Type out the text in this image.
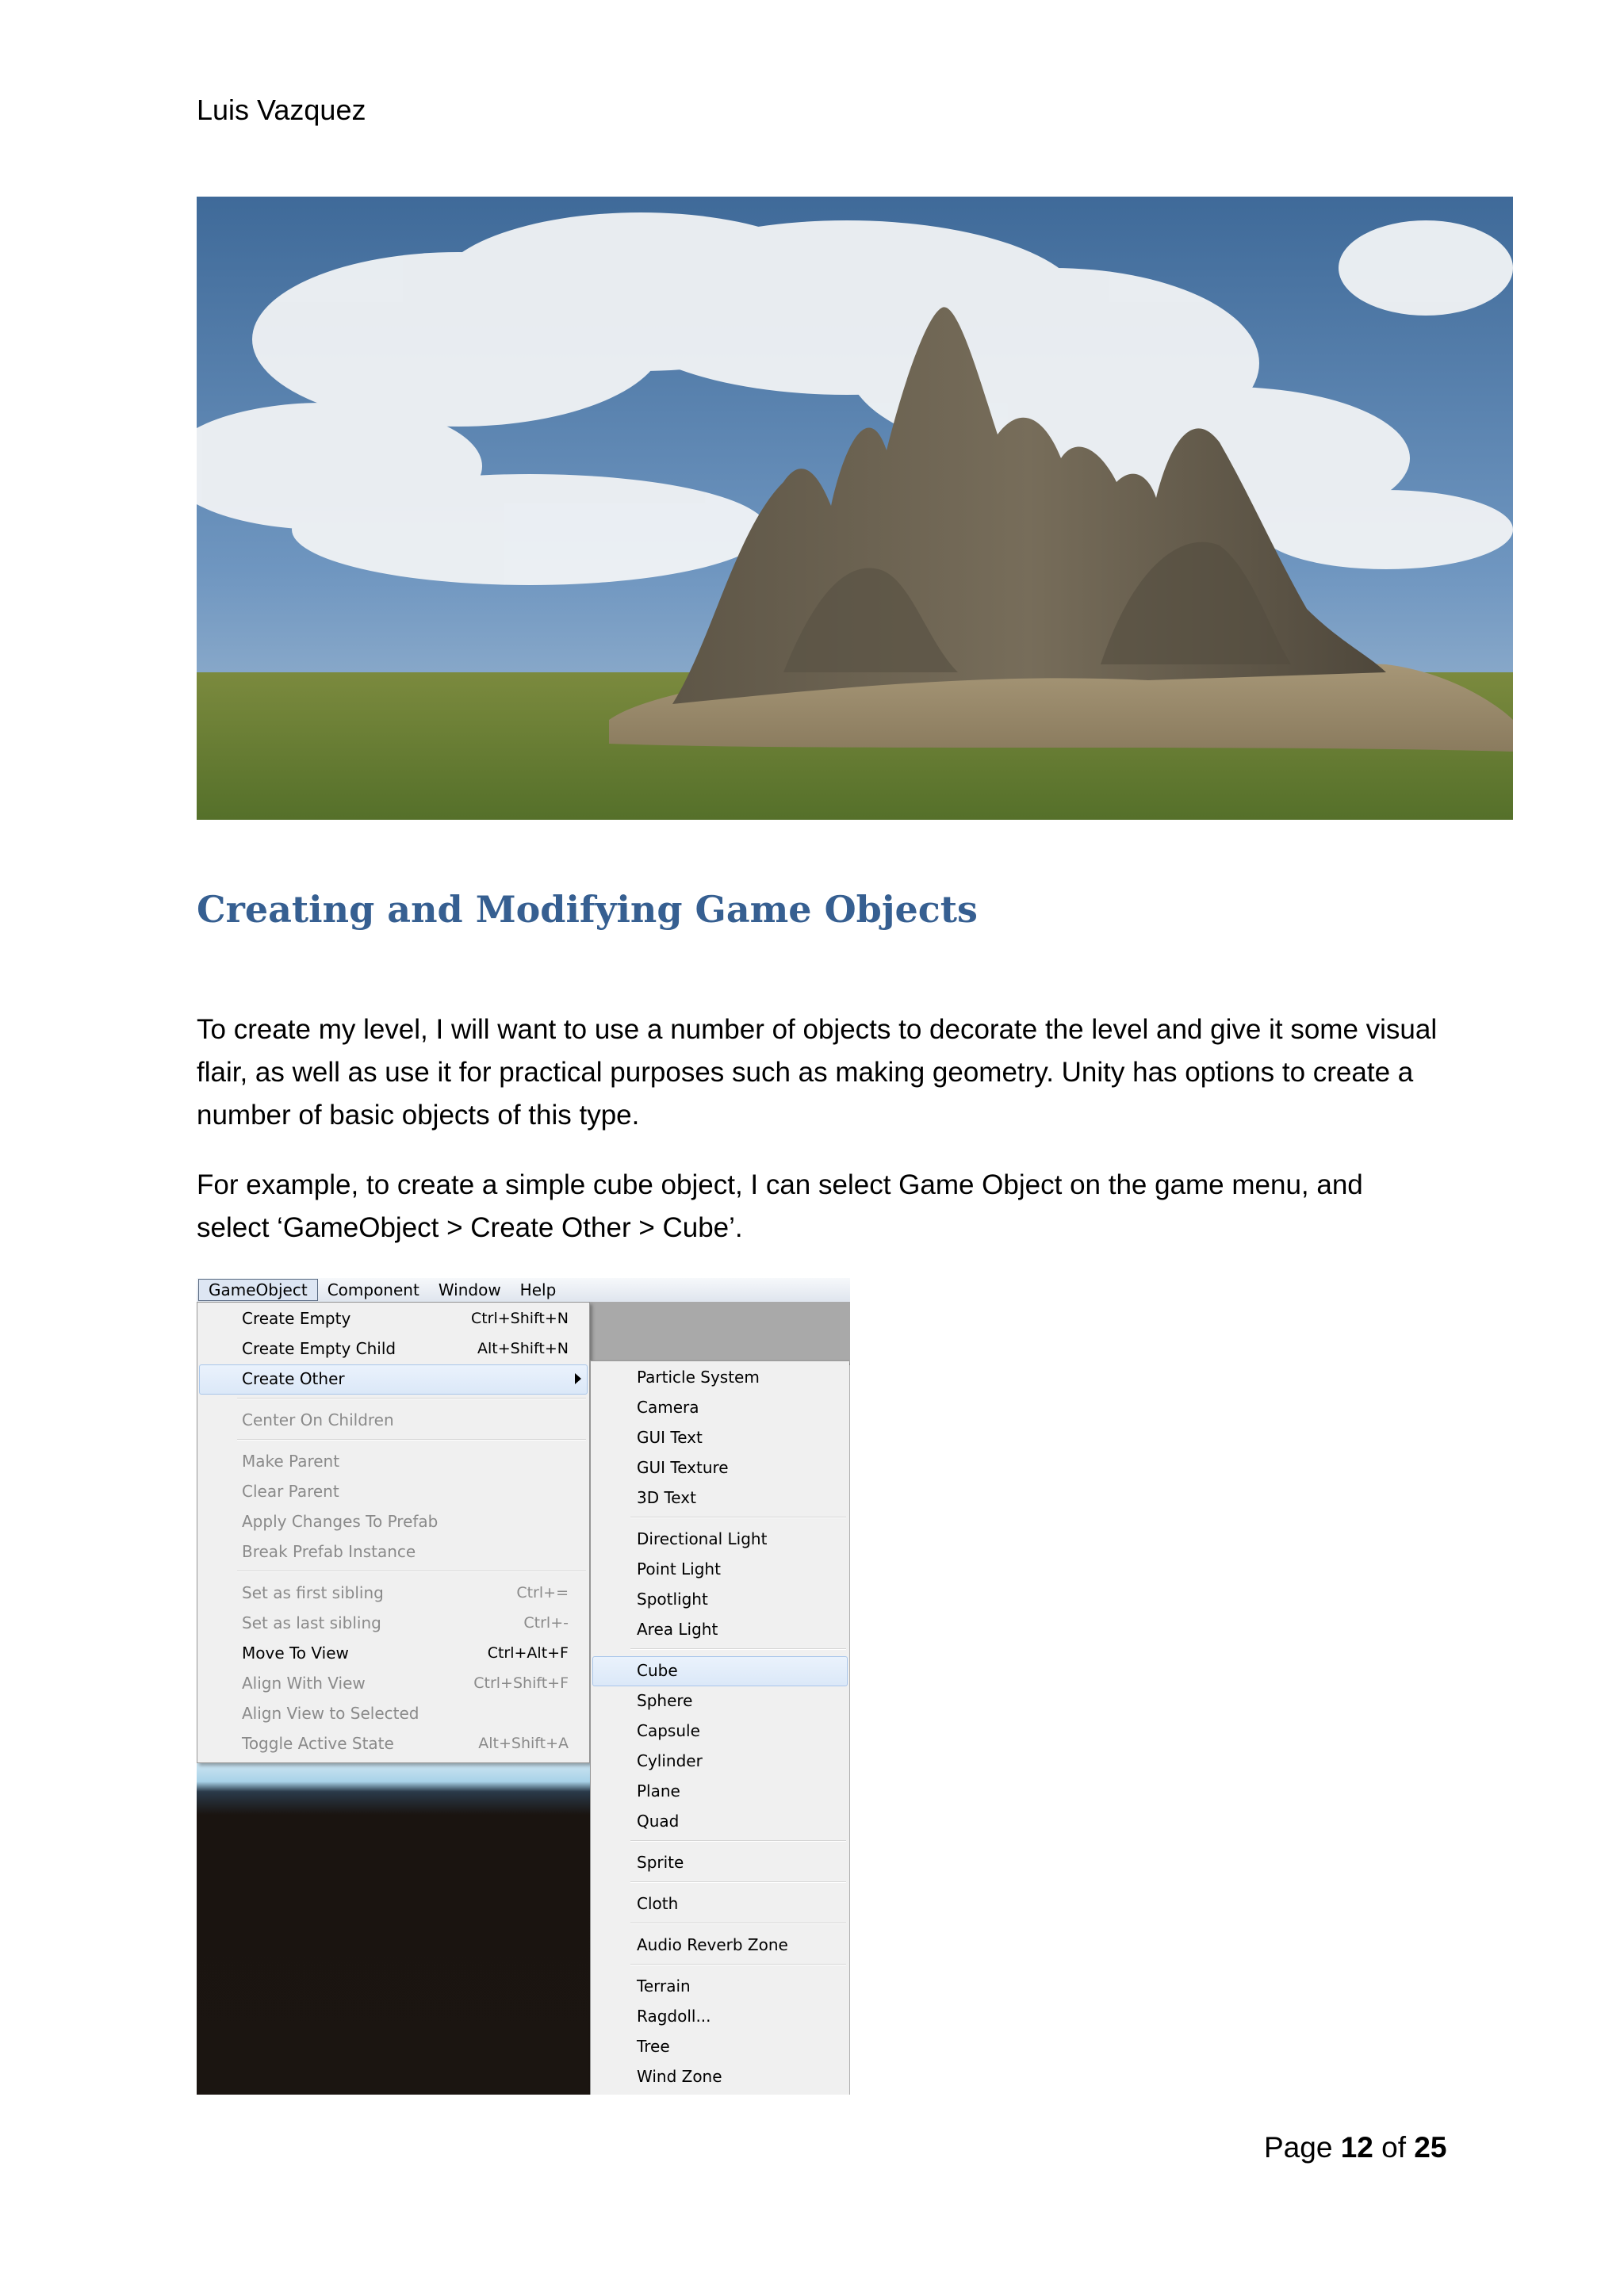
Luis Vazquez
Creating and Modifying Game Objects

To create my level, I will want to use a number of objects to decorate the level and give it some visual flair, as well as use it for practical purposes such as making geometry. Unity has options to create a number of basic objects of this type.

For example, to create a simple cube object, I can select Game Object on the game menu, and select ‘GameObject > Create Other > Cube’.

GameObject	Component	Window	Help
Create Empty	Ctrl+Shift+N
Create Empty Child	Alt+Shift+N
Create Other
Center On Children
Make Parent
Clear Parent
Apply Changes To Prefab
Break Prefab Instance
Set as first sibling	Ctrl+=
Set as last sibling	Ctrl+-
Move To View	Ctrl+Alt+F
Align With View	Ctrl+Shift+F
Align View to Selected
Toggle Active State	Alt+Shift+A
Particle System
Camera
GUI Text
GUI Texture
3D Text
Directional Light
Point Light
Spotlight
Area Light
Cube
Sphere
Capsule
Cylinder
Plane
Quad
Sprite
Cloth
Audio Reverb Zone
Terrain
Ragdoll...
Tree
Wind Zone
Page 12 of 25
